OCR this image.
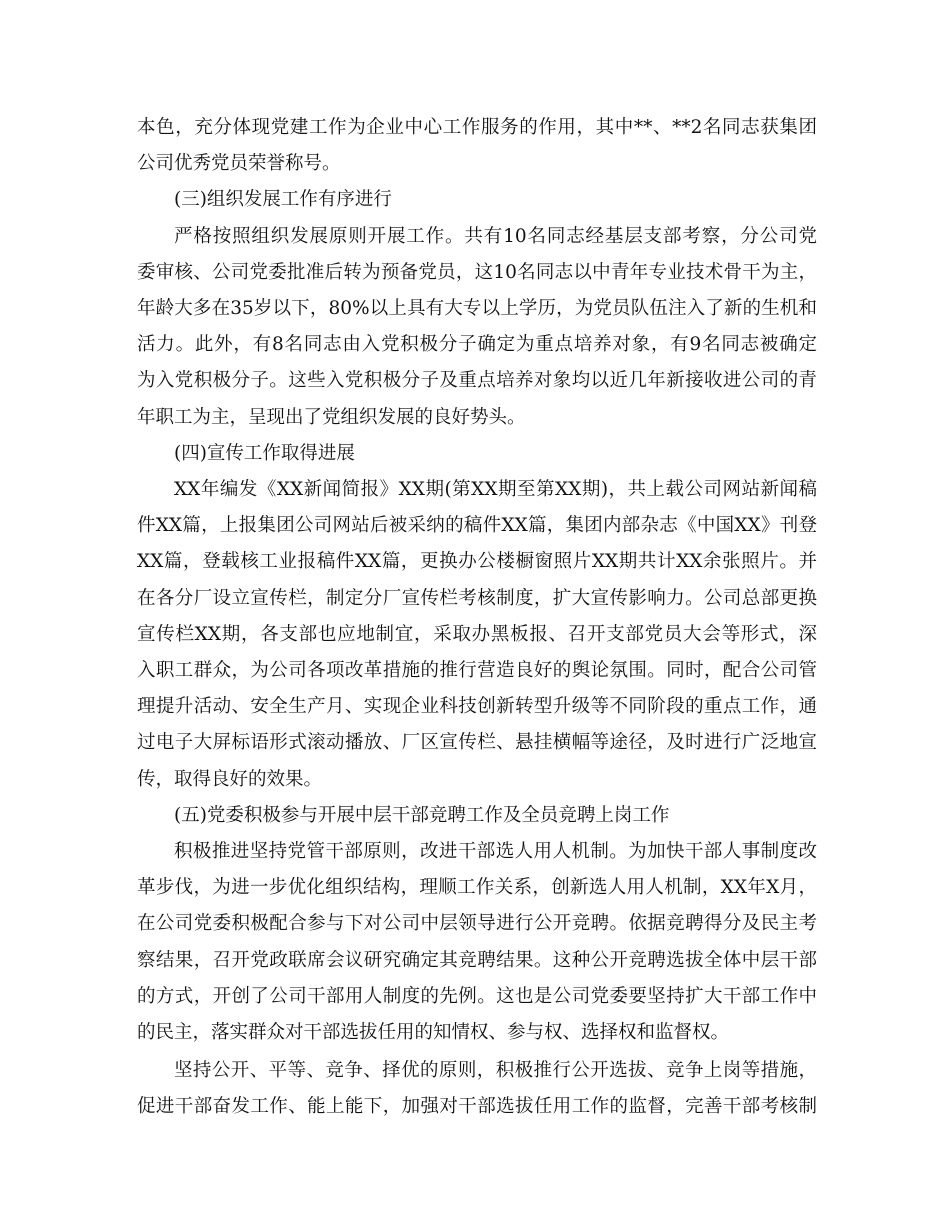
本色，充分体现党建工作为企业中心工作服务的作用，其中**、**2名同志获集团
公司优秀党员荣誉称号。
(三)组织发展工作有序进行
严格按照组织发展原则开展工作。共有10名同志经基层支部考察，分公司党
委审核、公司党委批准后转为预备党员，这10名同志以中青年专业技术骨干为主，
年龄大多在35岁以下，80%以上具有大专以上学历，为党员队伍注入了新的生机和
活力。此外，有8名同志由入党积极分子确定为重点培养对象，有9名同志被确定
为入党积极分子。这些入党积极分子及重点培养对象均以近几年新接收进公司的青
年职工为主，呈现出了党组织发展的良好势头。
(四)宣传工作取得进展
XX年编发《XX新闻简报》XX期(第XX期至第XX期)，共上载公司网站新闻稿
件XX篇，上报集团公司网站后被采纳的稿件XX篇，集团内部杂志《中国XX》刊登
XX篇，登载核工业报稿件XX篇，更换办公楼橱窗照片XX期共计XX余张照片。并
在各分厂设立宣传栏，制定分厂宣传栏考核制度，扩大宣传影响力。公司总部更换
宣传栏XX期，各支部也应地制宜，采取办黑板报、召开支部党员大会等形式，深
入职工群众，为公司各项改革措施的推行营造良好的舆论氛围。同时，配合公司管
理提升活动、安全生产月、实现企业科技创新转型升级等不同阶段的重点工作，通
过电子大屏标语形式滚动播放、厂区宣传栏、悬挂横幅等途径，及时进行广泛地宣
传，取得良好的效果。
(五)党委积极参与开展中层干部竞聘工作及全员竞聘上岗工作
积极推进坚持党管干部原则，改进干部选人用人机制。为加快干部人事制度改
革步伐，为进一步优化组织结构，理顺工作关系，创新选人用人机制，XX年X月，
在公司党委积极配合参与下对公司中层领导进行公开竞聘。依据竞聘得分及民主考
察结果，召开党政联席会议研究确定其竞聘结果。这种公开竞聘选拔全体中层干部
的方式，开创了公司干部用人制度的先例。这也是公司党委要坚持扩大干部工作中
的民主，落实群众对干部选拔任用的知情权、参与权、选择权和监督权。
坚持公开、平等、竞争、择优的原则，积极推行公开选拔、竞争上岗等措施，
促进干部奋发工作、能上能下，加强对干部选拔任用工作的监督，完善干部考核制
